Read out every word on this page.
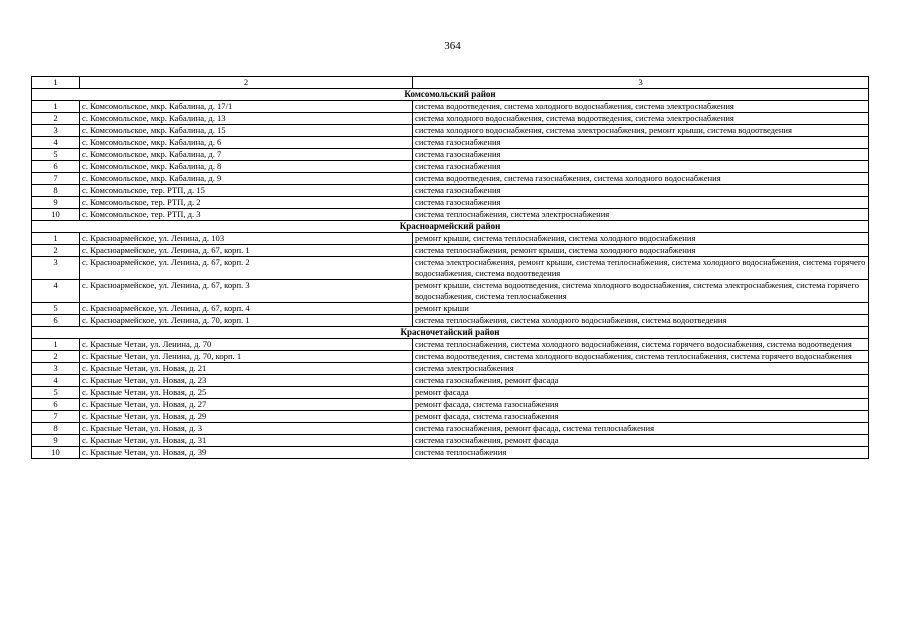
364
1	2	3
Комсомольский район		
1	с. Комсомольское, мкр. Кабалина, д. 17/1	система водоотведения, система холодного водоснабжения, система электроснабжения
2	с. Комсомольское, мкр. Кабалина, д. 13	система холодного водоснабжения, система водоотведения, система электроснабжения
3	с. Комсомольское, мкр. Кабалина, д. 15	система холодного водоснабжения, система электроснабжения, ремонт крыши, система водоотведения
4	с. Комсомольское, мкр. Кабалина, д. 6	система газоснабжения
5	с. Комсомольское, мкр. Кабалина, д. 7	система газоснабжения
6	с. Комсомольское, мкр. Кабалина, д. 8	система газоснабжения
7	с. Комсомольское, мкр. Кабалина, д. 9	система водоотведения, система газоснабжения, система холодного водоснабжения
8	с. Комсомольское, тер. РТП, д. 15	система газоснабжения
9	с. Комсомольское, тер. РТП, д. 2	система газоснабжения
10	с. Комсомольское, тер. РТП, д. 3	система теплоснабжения, система электроснабжения
Красноармейский район		
1	с. Красноармейское, ул. Ленина, д. 103	ремонт крыши, система теплоснабжения, система холодного водоснабжения
2	с. Красноармейское, ул. Ленина, д. 67, корп. 1	система теплоснабжения, ремонт крыши, система холодного водоснабжения
3	с. Красноармейское, ул. Ленина, д. 67, корп. 2	система электроснабжения, ремонт крыши, система теплоснабжения, система холодного водоснабжения, система горячего водоснабжения, система водоотведения
4	с. Красноармейское, ул. Ленина, д. 67, корп. 3	ремонт крыши, система водоотведения, система холодного водоснабжения, система электроснабжения, система горячего водоснабжения, система теплоснабжения
5	с. Красноармейское, ул. Ленина, д. 67, корп. 4	ремонт крыши
6	с. Красноармейское, ул. Ленина, д. 70, корп. 1	система теплоснабжения, система холодного водоснабжения, система водоотведения
Красночетайский район		
1	с. Красные Четаи, ул. Ленина, д. 70	система теплоснабжения, система холодного водоснабжения, система горячего водоснабжения, система водоотведения
2	с. Красные Четаи, ул. Ленина, д. 70, корп. 1	система водоотведения, система холодного водоснабжения, система теплоснабжения, система горячего водоснабжения
3	с. Красные Четаи, ул. Новая, д. 21	система электроснабжения
4	с. Красные Четаи, ул. Новая, д. 23	система газоснабжения, ремонт фасада
5	с. Красные Четаи, ул. Новая, д. 25	ремонт фасада
6	с. Красные Четаи, ул. Новая, д. 27	ремонт фасада, система газоснабжения
7	с. Красные Четаи, ул. Новая, д. 29	ремонт фасада, система газоснабжения
8	с. Красные Четаи, ул. Новая, д. 3	система газоснабжения, ремонт фасада, система теплоснабжения
9	с. Красные Четаи, ул. Новая, д. 31	система газоснабжения, ремонт фасада
10	с. Красные Четаи, ул. Новая, д. 39	система теплоснабжения
